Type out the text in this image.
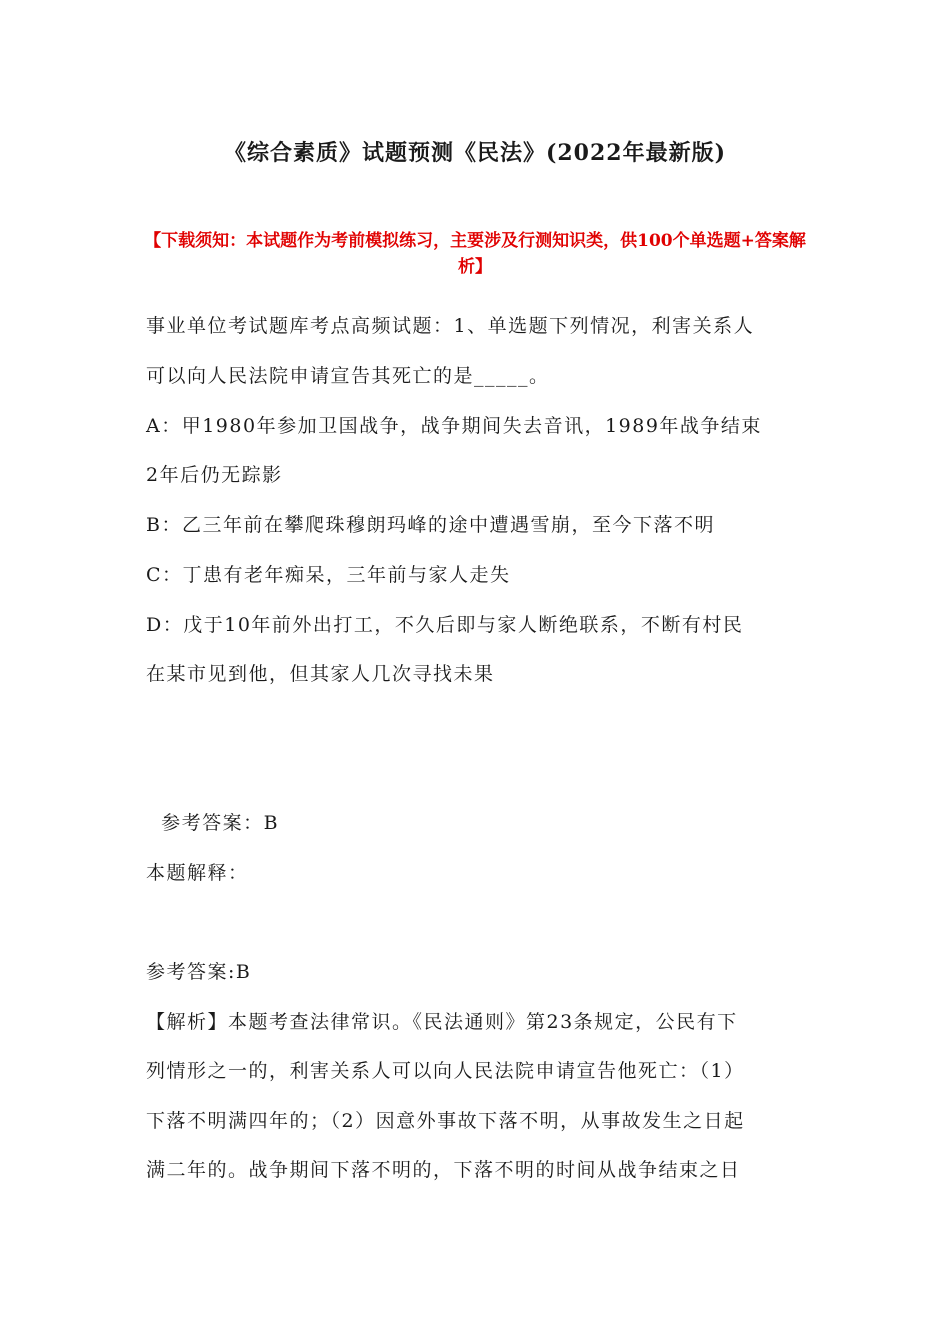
《综合素质》试题预测《民法》(2022年最新版)
【下载须知：本试题作为考前模拟练习，主要涉及行测知识类，供100个单选题+答案解析】

事业单位考试题库考点高频试题：1、单选题下列情况，利害关系人

可以向人民法院申请宣告其死亡的是_____。

A：甲1980年参加卫国战争，战争期间失去音讯，1989年战争结束

2年后仍无踪影

B：乙三年前在攀爬珠穆朗玛峰的途中遭遇雪崩，至今下落不明

C：丁患有老年痴呆，三年前与家人走失

D：戊于10年前外出打工，不久后即与家人断绝联系，不断有村民

在某市见到他，但其家人几次寻找未果

参考答案：B

本题解释：

参考答案:B

【解析】本题考查法律常识。《民法通则》第23条规定，公民有下

列情形之一的，利害关系人可以向人民法院申请宣告他死亡：（1）

下落不明满四年的；（2）因意外事故下落不明，从事故发生之日起

满二年的。战争期间下落不明的，下落不明的时间从战争结束之日
